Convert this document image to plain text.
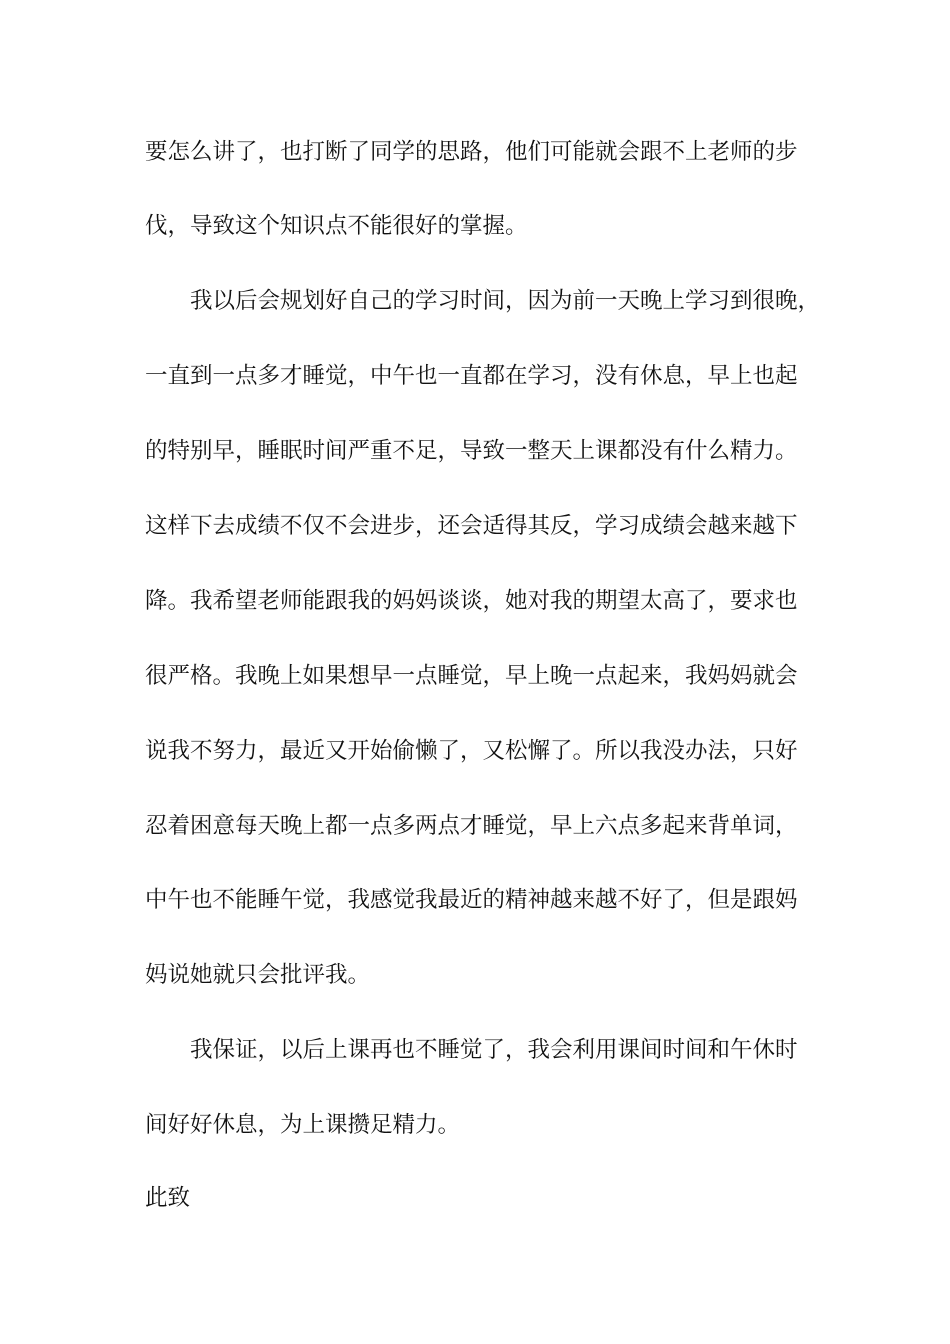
要怎么讲了，也打断了同学的思路，他们可能就会跟不上老师的步
伐，导致这个知识点不能很好的掌握。
我以后会规划好自己的学习时间，因为前一天晚上学习到很晚，
一直到一点多才睡觉，中午也一直都在学习，没有休息，早上也起
的特别早，睡眠时间严重不足，导致一整天上课都没有什么精力。
这样下去成绩不仅不会进步，还会适得其反，学习成绩会越来越下
降。我希望老师能跟我的妈妈谈谈，她对我的期望太高了，要求也
很严格。我晚上如果想早一点睡觉，早上晚一点起来，我妈妈就会
说我不努力，最近又开始偷懒了，又松懈了。所以我没办法，只好
忍着困意每天晚上都一点多两点才睡觉，早上六点多起来背单词，
中午也不能睡午觉，我感觉我最近的精神越来越不好了，但是跟妈
妈说她就只会批评我。
我保证，以后上课再也不睡觉了，我会利用课间时间和午休时
间好好休息，为上课攒足精力。
此致
